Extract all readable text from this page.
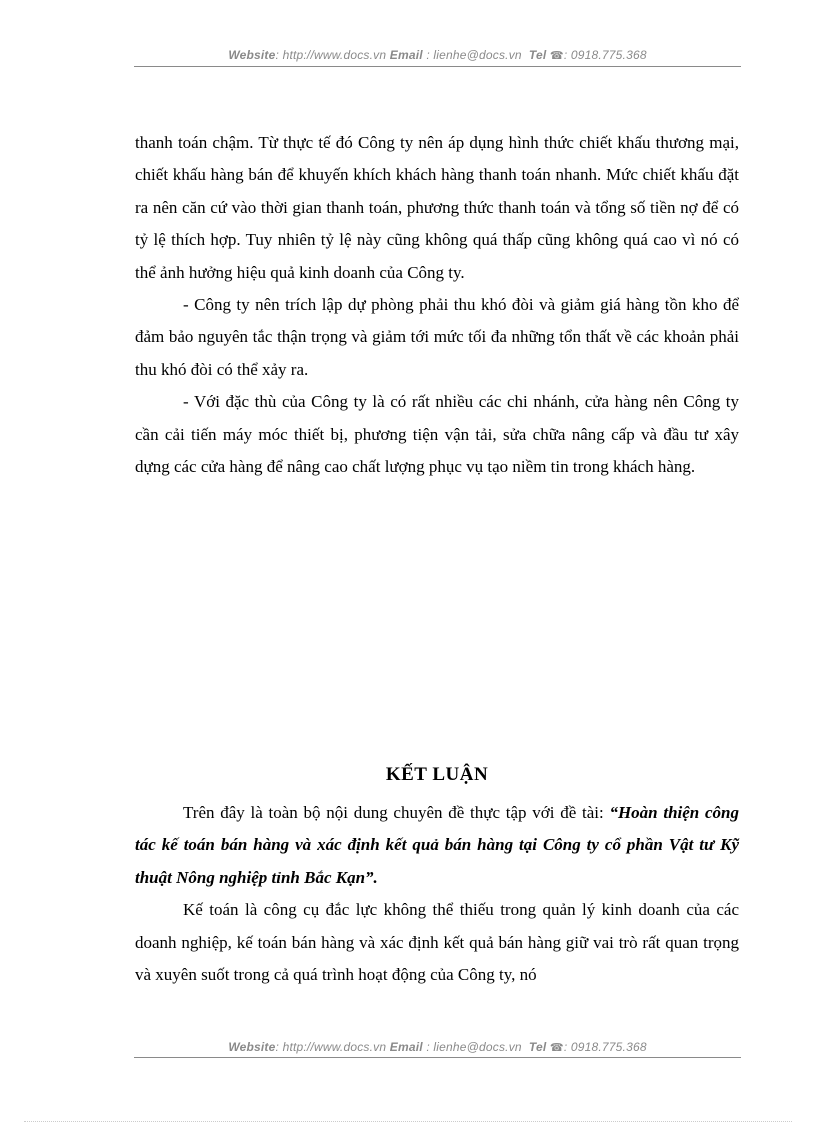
Website: http://www.docs.vn Email : lienhe@docs.vn Tel ☎: 0918.775.368

thanh toán chậm. Từ thực tế đó Công ty nên áp dụng hình thức chiết khấu thương mại, chiết khấu hàng bán để khuyến khích khách hàng thanh toán nhanh. Mức chiết khấu đặt ra nên căn cứ vào thời gian thanh toán, phương thức thanh toán và tổng số tiền nợ để có tỷ lệ thích hợp. Tuy nhiên tỷ lệ này cũng không quá thấp cũng không quá cao vì nó có thể ảnh hưởng hiệu quả kinh doanh của Công ty.

- Công ty nên trích lập dự phòng phải thu khó đòi và giảm giá hàng tồn kho để đảm bảo nguyên tắc thận trọng và giảm tới mức tối đa những tổn thất về các khoản phải thu khó đòi có thể xảy ra.

- Với đặc thù của Công ty là có rất nhiều các chi nhánh, cửa hàng nên Công ty cần cải tiến máy móc thiết bị, phương tiện vận tải, sửa chữa nâng cấp và đầu tư xây dựng các cửa hàng để nâng cao chất lượng phục vụ tạo niềm tin trong khách hàng.

KẾT LUẬN

Trên đây là toàn bộ nội dung chuyên đề thực tập với đề tài: “Hoàn thiện công tác kế toán bán hàng và xác định kết quả bán hàng tại Công ty cổ phần Vật tư Kỹ thuật Nông nghiệp tỉnh Bắc Kạn”.

Kế toán là công cụ đắc lực không thể thiếu trong quản lý kinh doanh của các doanh nghiệp, kế toán bán hàng và xác định kết quả bán hàng giữ vai trò rất quan trọng và xuyên suốt trong cả quá trình hoạt động của Công ty, nó

Website: http://www.docs.vn Email : lienhe@docs.vn Tel ☎: 0918.775.368
